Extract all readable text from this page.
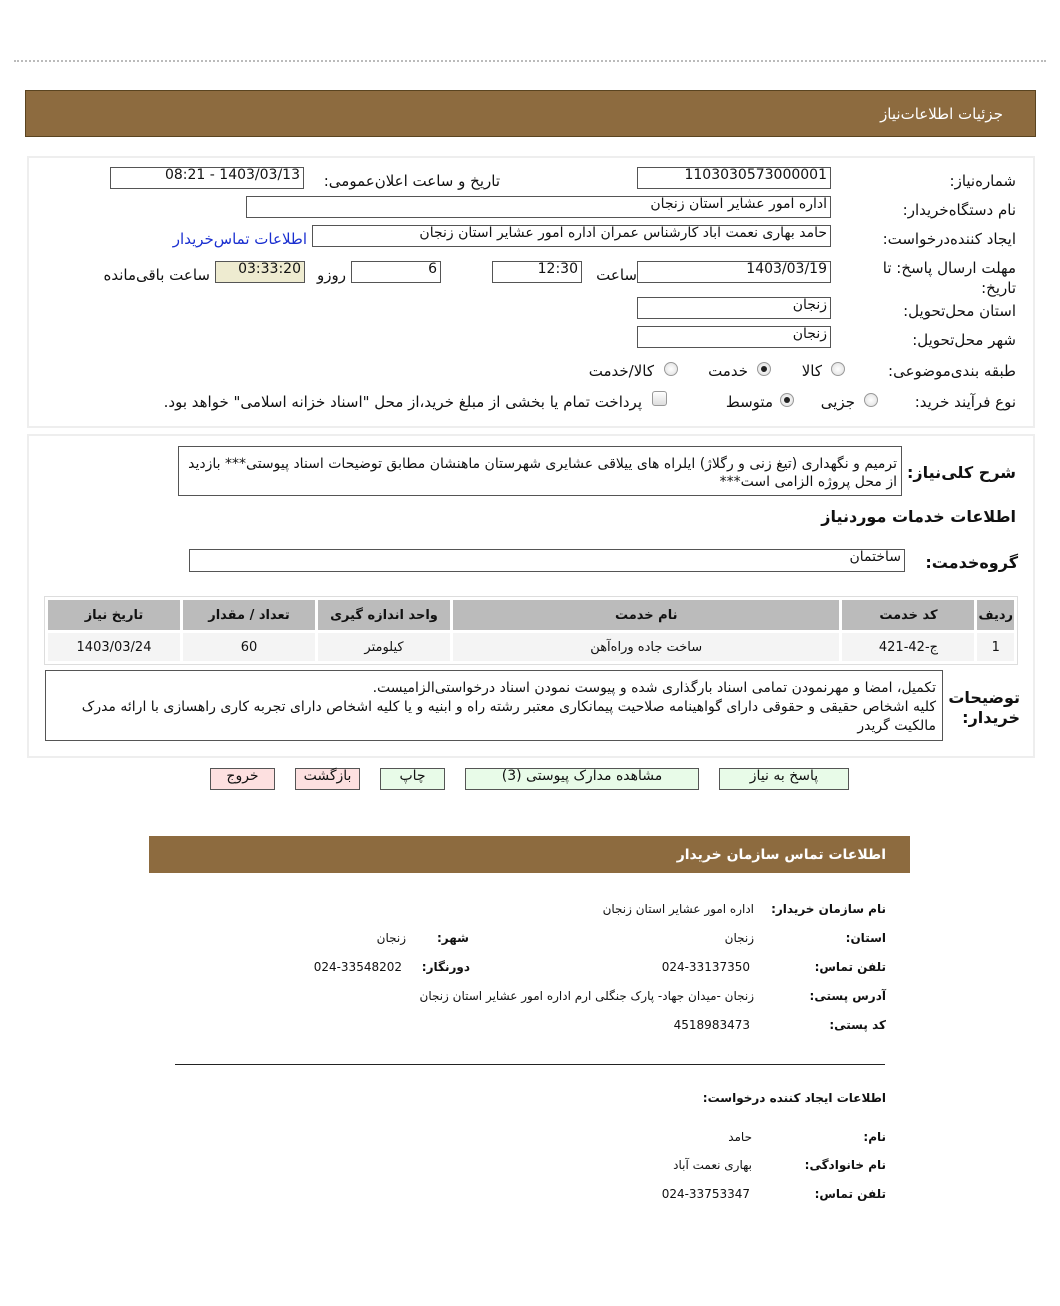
جزئیات اطلاعات‌نیاز
شماره‌نیاز:
1103030573000001
تاریخ و ساعت اعلان‌عمومی:
1403/03/13 - 08:21
نام دستگاه‌خریدار:
اداره امور عشایر استان زنجان
ایجاد کننده‌درخواست:
حامد بهاری نعمت اباد کارشناس عمران اداره امور عشایر استان زنجان
اطلاعات تماس‌خریدار
مهلت ارسال پاسخ: تا تاریخ:
1403/03/19
ساعت
12:30
6
روزو
03:33:20
ساعت باقی‌مانده
استان محل‌تحویل:
زنجان
شهر محل‌تحویل:
زنجان
طبقه بندی‌موضوعی:
کالا
خدمت
کالا/خدمت
نوع فرآیند خرید:
جزیی
متوسط
پرداخت تمام یا بخشی از مبلغ خرید،از محل "اسناد خزانه اسلامی" خواهد بود.
شرح کلی‌نیاز:
ترمیم و نگهداری (تیغ زنی و رگلاژ) ایلراه های ییلاقی عشایری شهرستان ماهنشان مطابق توضیحات اسناد پیوستی*** بازدید از محل پروژه الزامی است***
اطلاعات خدمات موردنیاز
گروه‌خدمت:
ساختمان
ردیف	کد خدمت	نام خدمت	واحد اندازه گیری	تعداد / مقدار	تاریخ نیاز
1	ج-42-421	ساخت جاده وراه‌آهن	کیلومتر	60	1403/03/24
توضیحات خریدار:
تکمیل، امضا و مهرنمودن تمامی اسناد بارگذاری شده و پیوست نمودن اسناد درخواستی‌الزامیست.
کلیه اشخاص حقیقی و حقوقی دارای گواهینامه صلاحیت پیمانکاری معتبر رشته راه و ابنیه و یا کلیه اشخاص دارای تجربه کاری راهسازی با ارائه مدرک مالکیت گریدر
پاسخ به نیاز
مشاهده مدارک پیوستی (3)
چاپ
بازگشت
خروج
اطلاعات تماس سازمان خریدار
نام سازمان خریدار:
اداره امور عشایر استان زنجان
استان:
زنجان
شهر:
زنجان
تلفن تماس:
024-33137350
دورنگار:
024-33548202
آدرس پستی:
زنجان -میدان جهاد- پارک جنگلی ارم اداره امور عشایر استان زنجان
کد پستی:
4518983473
اطلاعات ایجاد کننده درخواست:
نام:
حامد
نام خانوادگی:
بهاری نعمت آباد
تلفن تماس:
024-33753347
